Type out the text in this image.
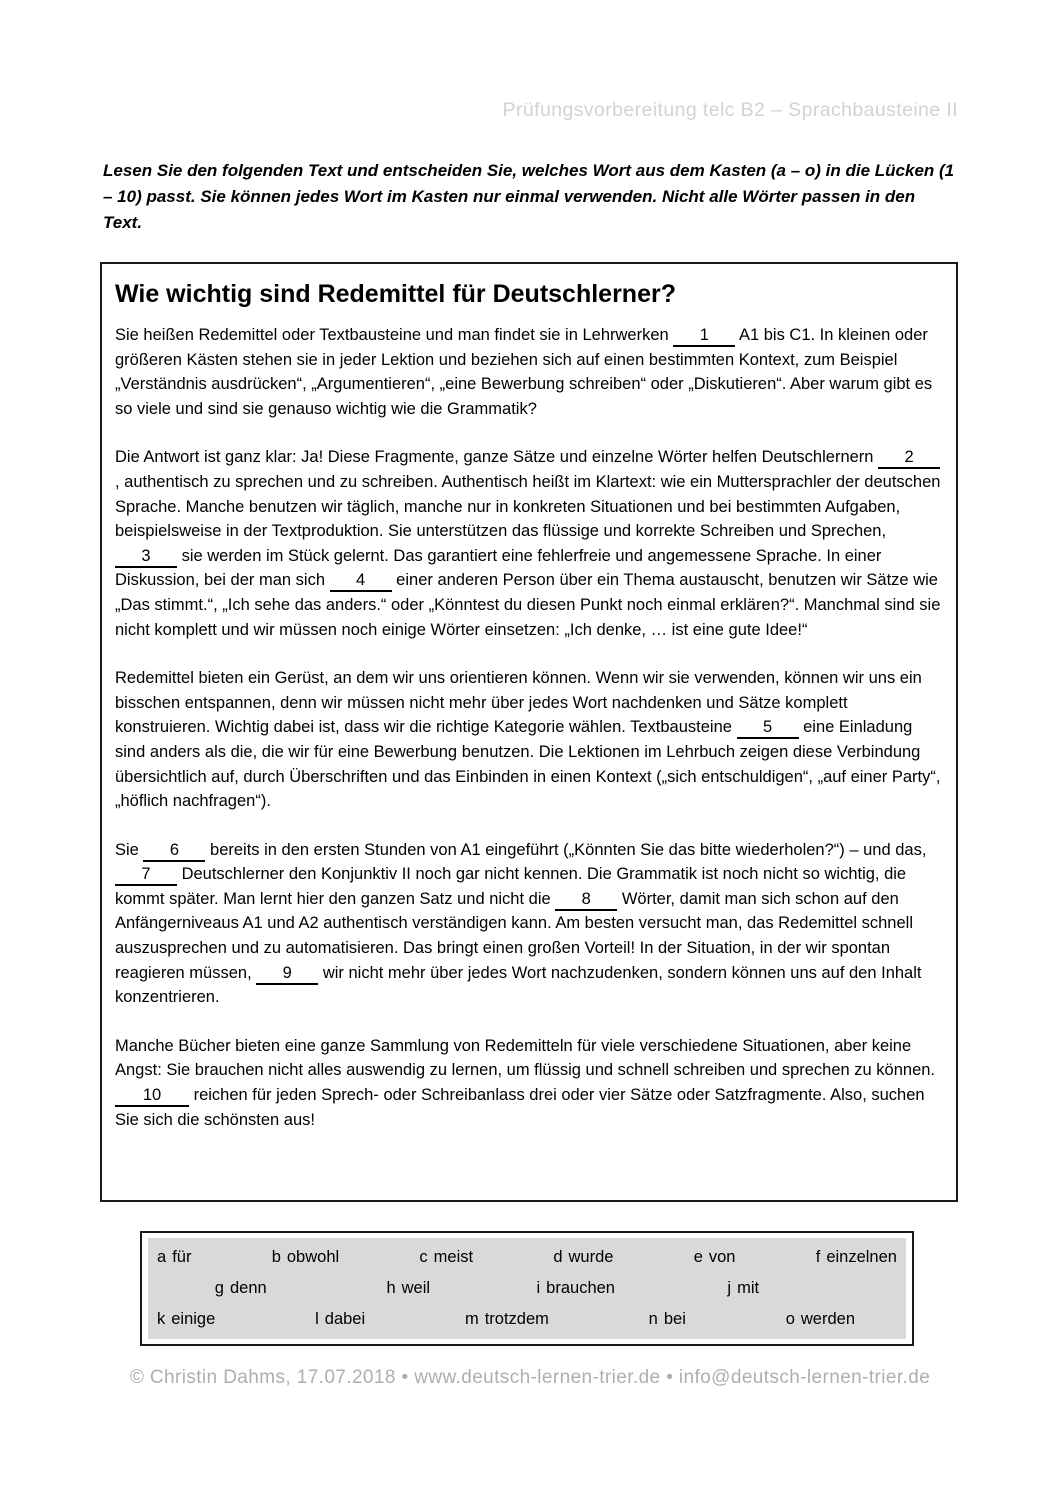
Prüfungsvorbereitung telc B2 – Sprachbausteine II
Lesen Sie den folgenden Text und entscheiden Sie, welches Wort aus dem Kasten (a – o) in die Lücken (1 – 10) passt. Sie können jedes Wort im Kasten nur einmal verwenden. Nicht alle Wörter passen in den Text.
Wie wichtig sind Redemittel für Deutschlerner?

Sie heißen Redemittel oder Textbausteine und man findet sie in Lehrwerken 1 A1 bis C1. In kleinen oder größeren Kästen stehen sie in jeder Lektion und beziehen sich auf einen bestimmten Kontext, zum Beispiel „Verständnis ausdrücken“, „Argumentieren“, „eine Bewerbung schreiben“ oder „Diskutieren“. Aber warum gibt es so viele und sind sie genauso wichtig wie die Grammatik?

Die Antwort ist ganz klar: Ja! Diese Fragmente, ganze Sätze und einzelne Wörter helfen Deutschlernern 2, authentisch zu sprechen und zu schreiben. Authentisch heißt im Klartext: wie ein Muttersprachler der deutschen Sprache. Manche benutzen wir täglich, manche nur in konkreten Situationen und bei bestimmten Aufgaben, beispielsweise in der Textproduktion. Sie unterstützen das flüssige und korrekte Schreiben und Sprechen, 3 sie werden im Stück gelernt. Das garantiert eine fehlerfreie und angemessene Sprache. In einer Diskussion, bei der man sich 4 einer anderen Person über ein Thema austauscht, benutzen wir Sätze wie „Das stimmt.“, „Ich sehe das anders.“ oder „Könntest du diesen Punkt noch einmal erklären?“. Manchmal sind sie nicht komplett und wir müssen noch einige Wörter einsetzen: „Ich denke, … ist eine gute Idee!“

Redemittel bieten ein Gerüst, an dem wir uns orientieren können. Wenn wir sie verwenden, können wir uns ein bisschen entspannen, denn wir müssen nicht mehr über jedes Wort nachdenken und Sätze komplett konstruieren. Wichtig dabei ist, dass wir die richtige Kategorie wählen. Textbausteine 5 eine Einladung sind anders als die, die wir für eine Bewerbung benutzen. Die Lektionen im Lehrbuch zeigen diese Verbindung übersichtlich auf, durch Überschriften und das Einbinden in einen Kontext („sich entschuldigen“, „auf einer Party“, „höflich nachfragen“).

Sie 6 bereits in den ersten Stunden von A1 eingeführt („Könnten Sie das bitte wiederholen?“) – und das, 7 Deutschlerner den Konjunktiv II noch gar nicht kennen. Die Grammatik ist noch nicht so wichtig, die kommt später. Man lernt hier den ganzen Satz und nicht die 8 Wörter, damit man sich schon auf den Anfängerniveaus A1 und A2 authentisch verständigen kann. Am besten versucht man, das Redemittel schnell auszusprechen und zu automatisieren. Das bringt einen großen Vorteil! In der Situation, in der wir spontan reagieren müssen, 9 wir nicht mehr über jedes Wort nachzudenken, sondern können uns auf den Inhalt konzentrieren.

Manche Bücher bieten eine ganze Sammlung von Redemitteln für viele verschiedene Situationen, aber keine Angst: Sie brauchen nicht alles auswendig zu lernen, um flüssig und schnell schreiben und sprechen zu können. 10 reichen für jeden Sprech- oder Schreibanlass drei oder vier Sätze oder Satzfragmente. Also, suchen Sie sich die schönsten aus!

a für	b obwohl	c meist	d wurde	e von	f einzelnen
g denn	h weil	i brauchen	j mit
k einige	l dabei	m trotzdem	n bei	o werden
© Christin Dahms, 17.07.2018 • www.deutsch-lernen-trier.de • info@deutsch-lernen-trier.de
